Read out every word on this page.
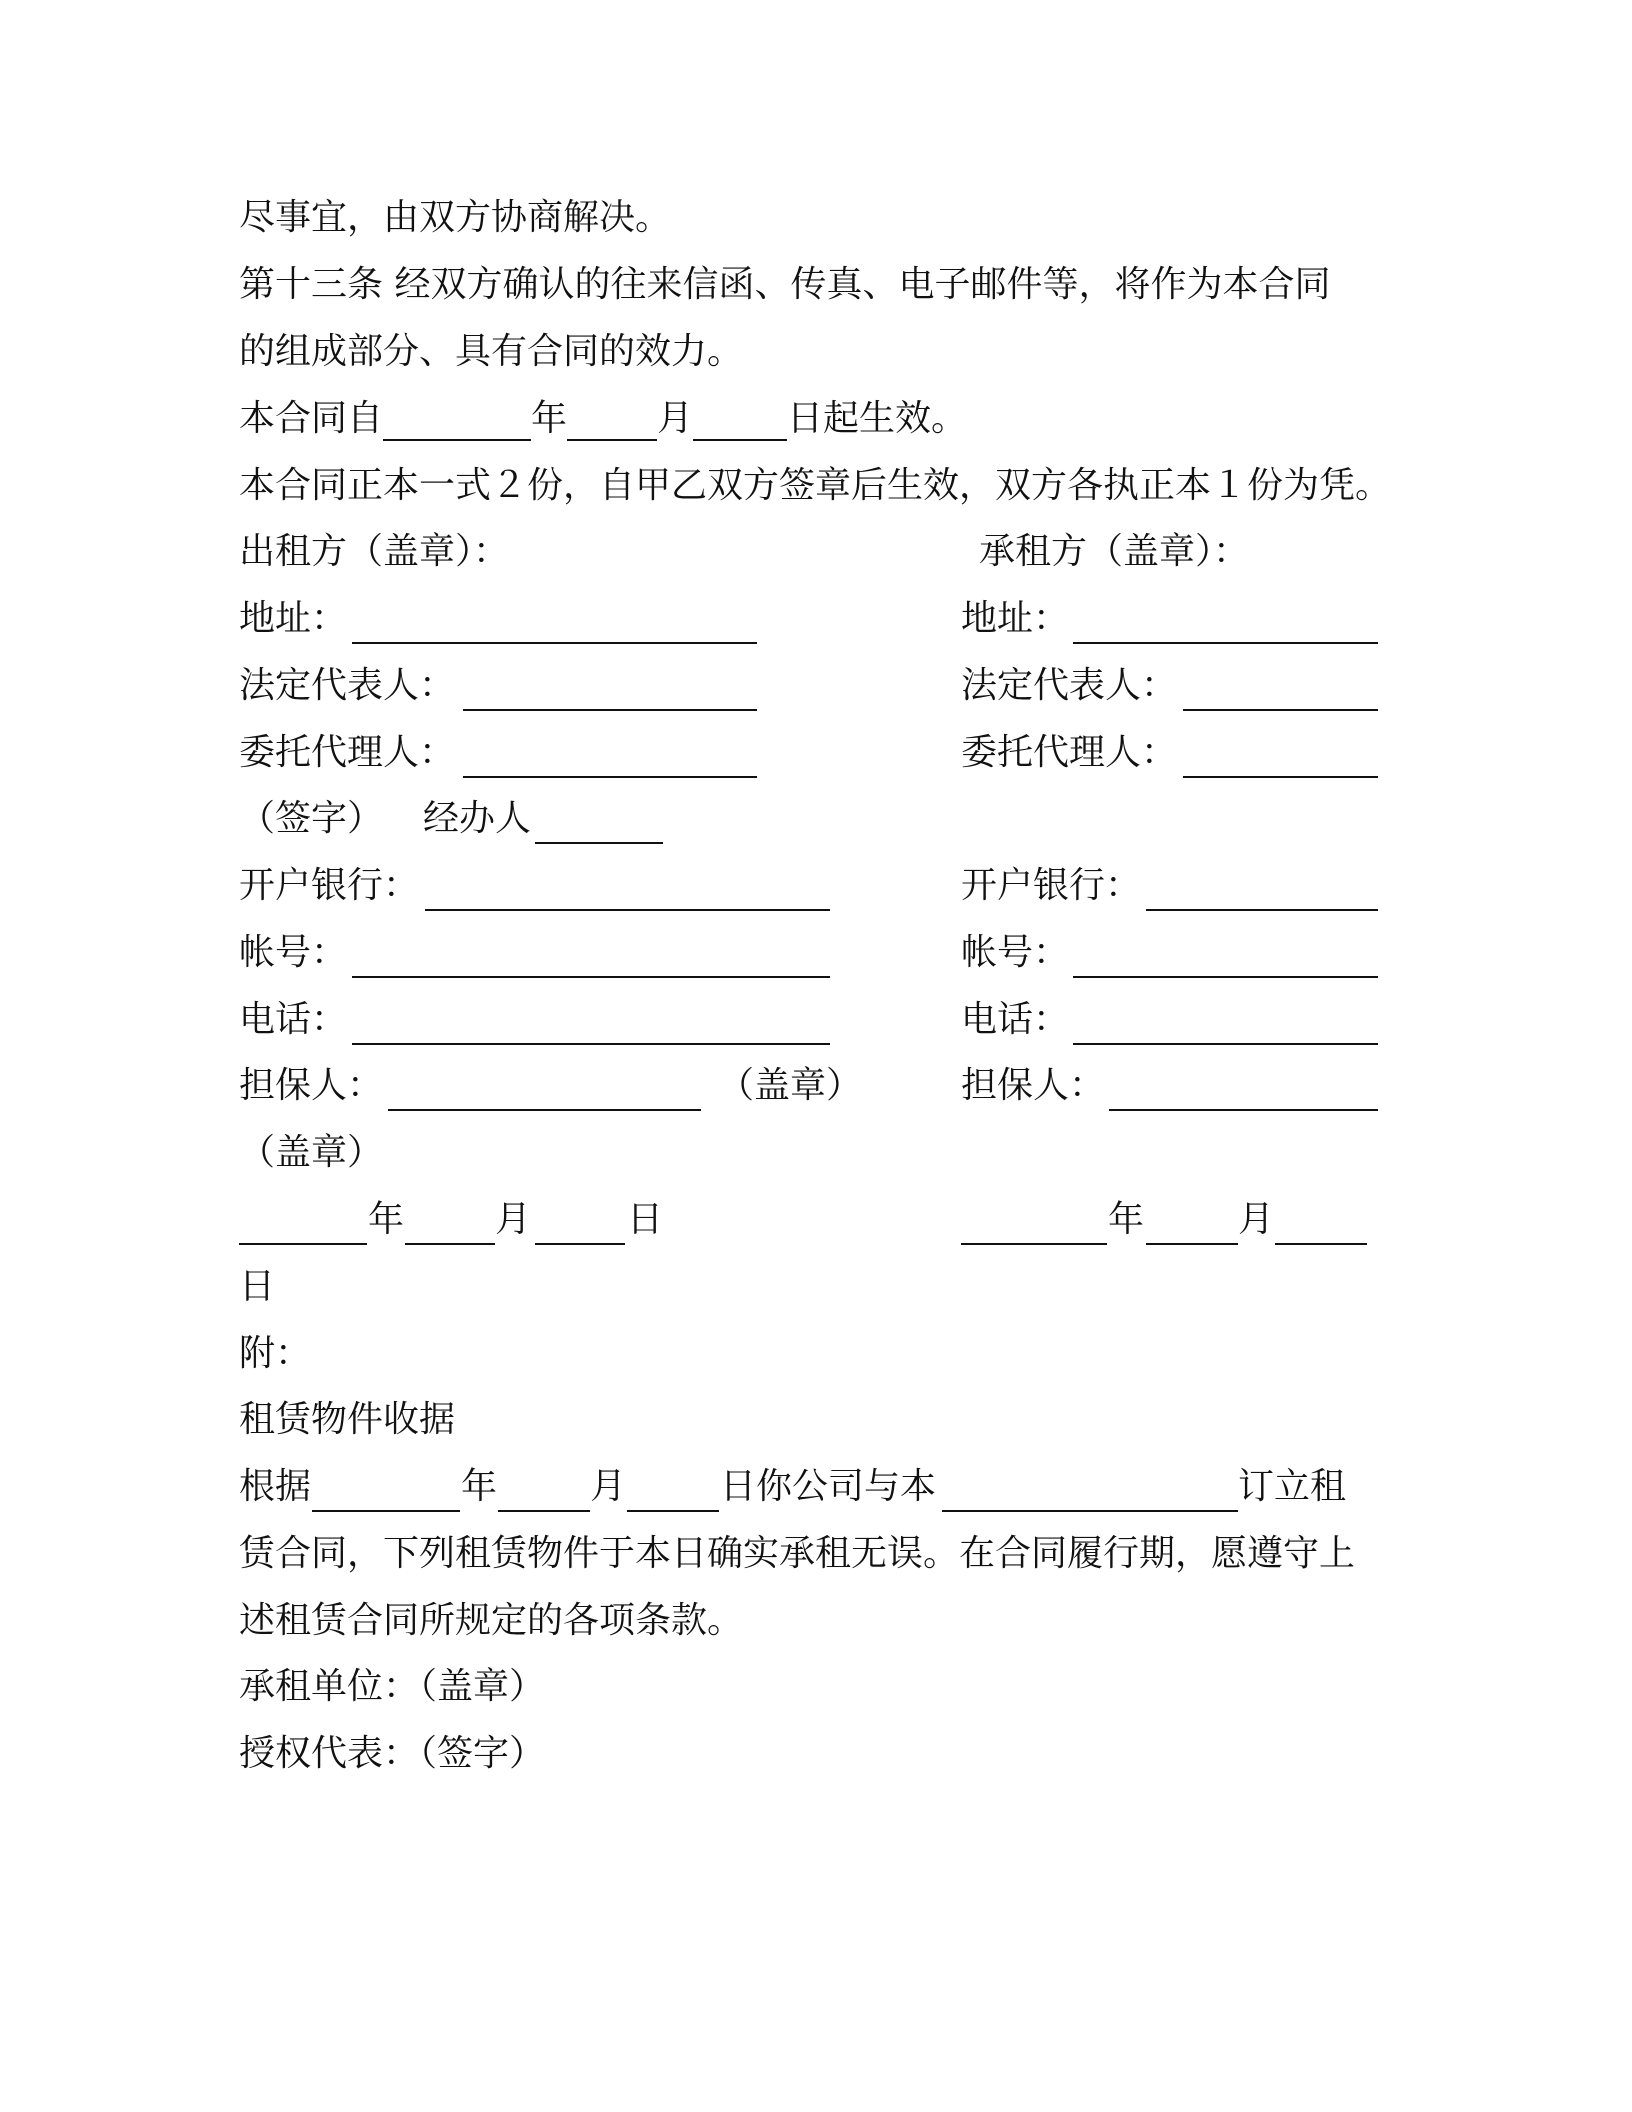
尽事宜，由双方协商解决。
第十三条 经双方确认的往来信函、传真、电子邮件等，将作为本合同
的组成部分、具有合同的效力。
本合同自	年	月	日起生效。
本合同正本一式２份，自甲乙双方签章后生效，双方各执正本１份为凭。
出租方（盖章）：	承租方（盖章）：
地址：	地址：
法定代表人：	法定代表人：
委托代理人：	委托代理人：
（签字） 经办人
开户银行：	开户银行：
帐号：	帐号：
电话：	电话：
担保人：	（盖章）	担保人：
（盖章）
年	月	日	年	月
日
附：
租赁物件收据
根据	年	月	日你公司与本	订立租
赁合同，下列租赁物件于本日确实承租无误。在合同履行期，愿遵守上
述租赁合同所规定的各项条款。
承租单位：（盖章）
授权代表：（签字）
